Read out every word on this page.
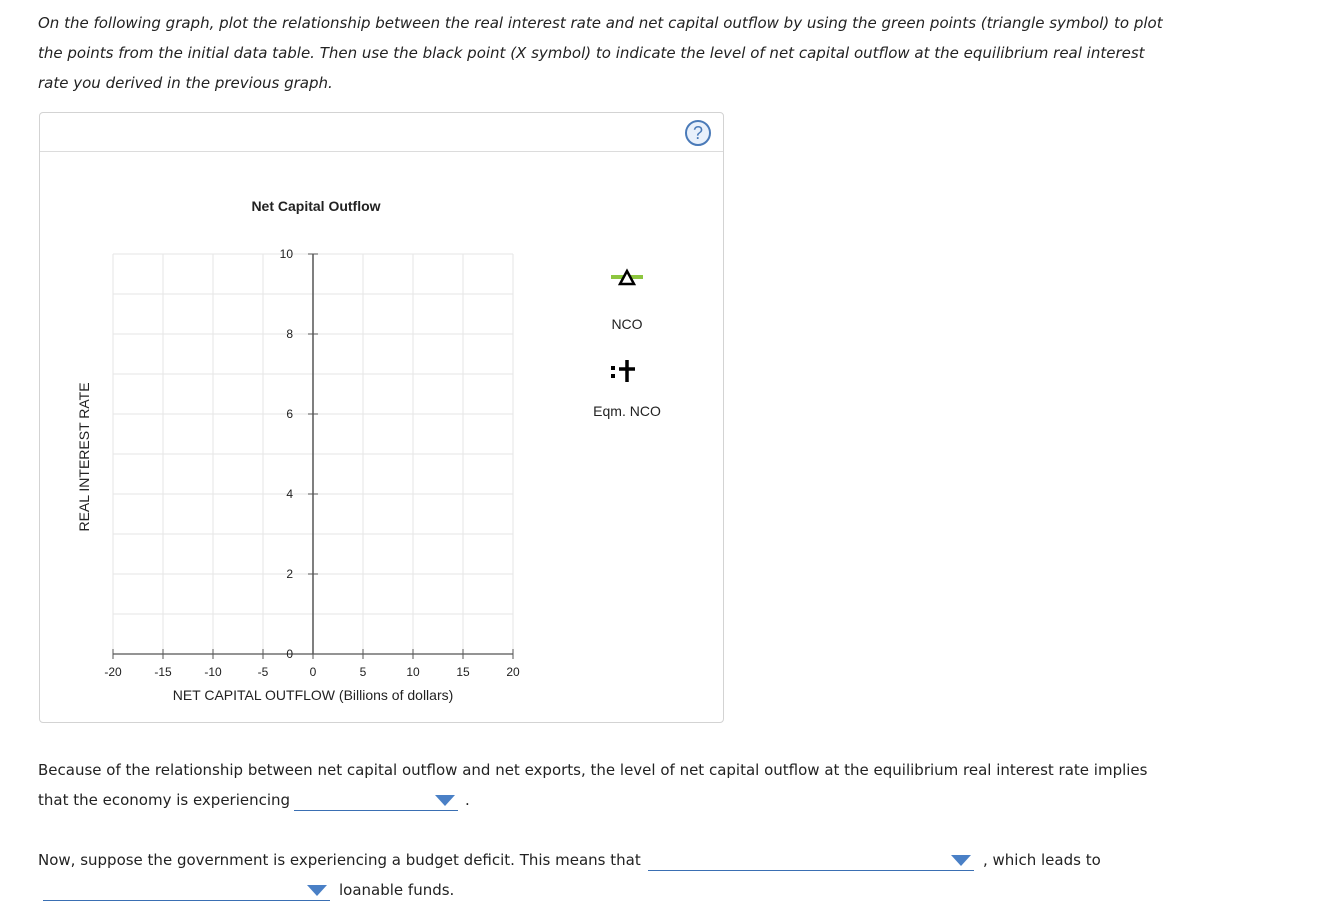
On the following graph, plot the relationship between the real interest rate and net capital outflow by using the green points (triangle symbol) to plot
the points from the initial data table. Then use the black point (X symbol) to indicate the level of net capital outflow at the equilibrium real interest
rate you derived in the previous graph.
?
Net Capital Outflow
-20	-15	-10	-5	0	5	10	15	20
0
2
4
6
8
10
NET CAPITAL OUTFLOW (Billions of dollars)
REAL INTEREST RATE
NCO
Eqm. NCO
Because of the relationship between net capital outflow and net exports, the level of net capital outflow at the equilibrium real interest rate implies
that the economy is experiencing	.
Now, suppose the government is experiencing a budget deficit. This means that	, which leads to
loanable funds.
